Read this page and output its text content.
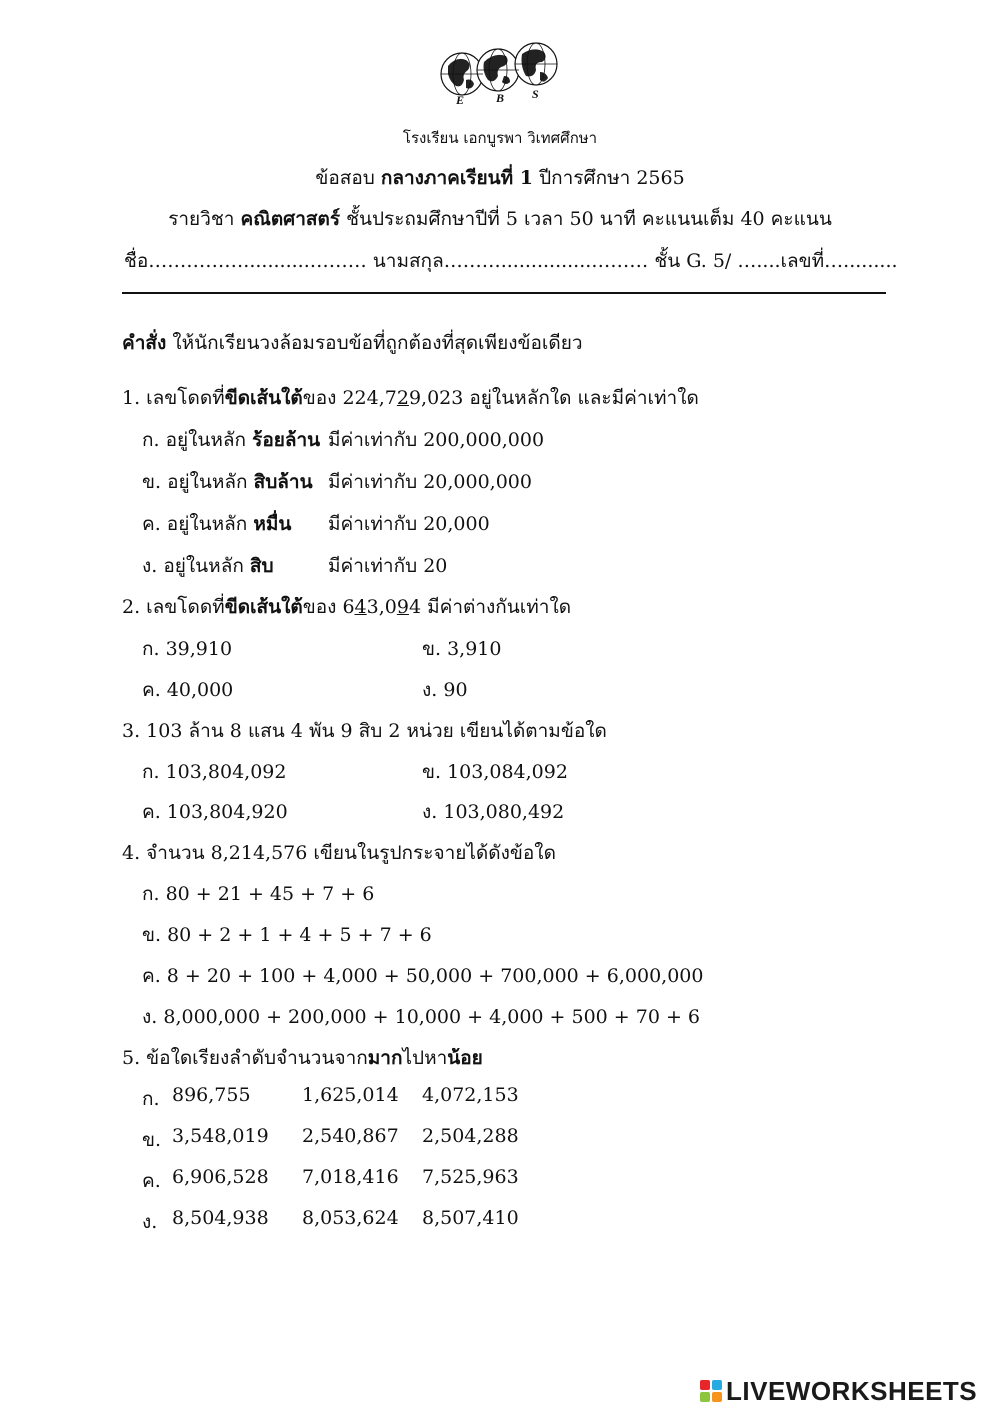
E	B S
โรงเรียน เอกบูรพา วิเทศศึกษา
ข้อสอบ กลางภาคเรียนที่ 1 ปีการศึกษา 2565
รายวิชา คณิตศาสตร์ ชั้นประถมศึกษาปีที่ 5 เวลา 50 นาที คะแนนเต็ม 40 คะแนน
ชื่อ……………...........……… นามสกุล………...............……… ชั้น G. 5/ …....เลขที่….........
คำสั่ง ให้นักเรียนวงล้อมรอบข้อที่ถูกต้องที่สุดเพียงข้อเดียว
1. เลขโดดที่ขีดเส้นใต้ของ 224,729,023 อยู่ในหลักใด และมีค่าเท่าใด
ก. อยู่ในหลัก ร้อยล้าน มีค่าเท่ากับ 200,000,000
ข. อยู่ในหลัก สิบล้าน มีค่าเท่ากับ 20,000,000
ค. อยู่ในหลัก หมื่น มีค่าเท่ากับ 20,000
ง. อยู่ในหลัก สิบ	มีค่าเท่ากับ 20
2. เลขโดดที่ขีดเส้นใต้ของ 643,094 มีค่าต่างกันเท่าใด
ก. 39,910	ข. 3,910
ค. 40,000	ง. 90
3. 103 ล้าน 8 แสน 4 พัน 9 สิบ 2 หน่วย เขียนได้ตามข้อใด
ก. 103,804,092	ข. 103,084,092
ค. 103,804,920	ง. 103,080,492
4. จำนวน 8,214,576 เขียนในรูปกระจายได้ดังข้อใด
ก. 80 + 21 + 45 + 7 + 6
ข. 80 + 2 + 1 + 4 + 5 + 7 + 6
ค. 8 + 20 + 100 + 4,000 + 50,000 + 700,000 + 6,000,000
ง. 8,000,000 + 200,000 + 10,000 + 4,000 + 500 + 70 + 6
5. ข้อใดเรียงลำดับจำนวนจากมากไปหาน้อย
ก. 896,755	1,625,014 4,072,153
ข. 3,548,019 2,540,867 2,504,288
ค. 6,906,528 7,018,416 7,525,963
ง. 8,504,938 8,053,624 8,507,410
LIVEWORKSHEETS
